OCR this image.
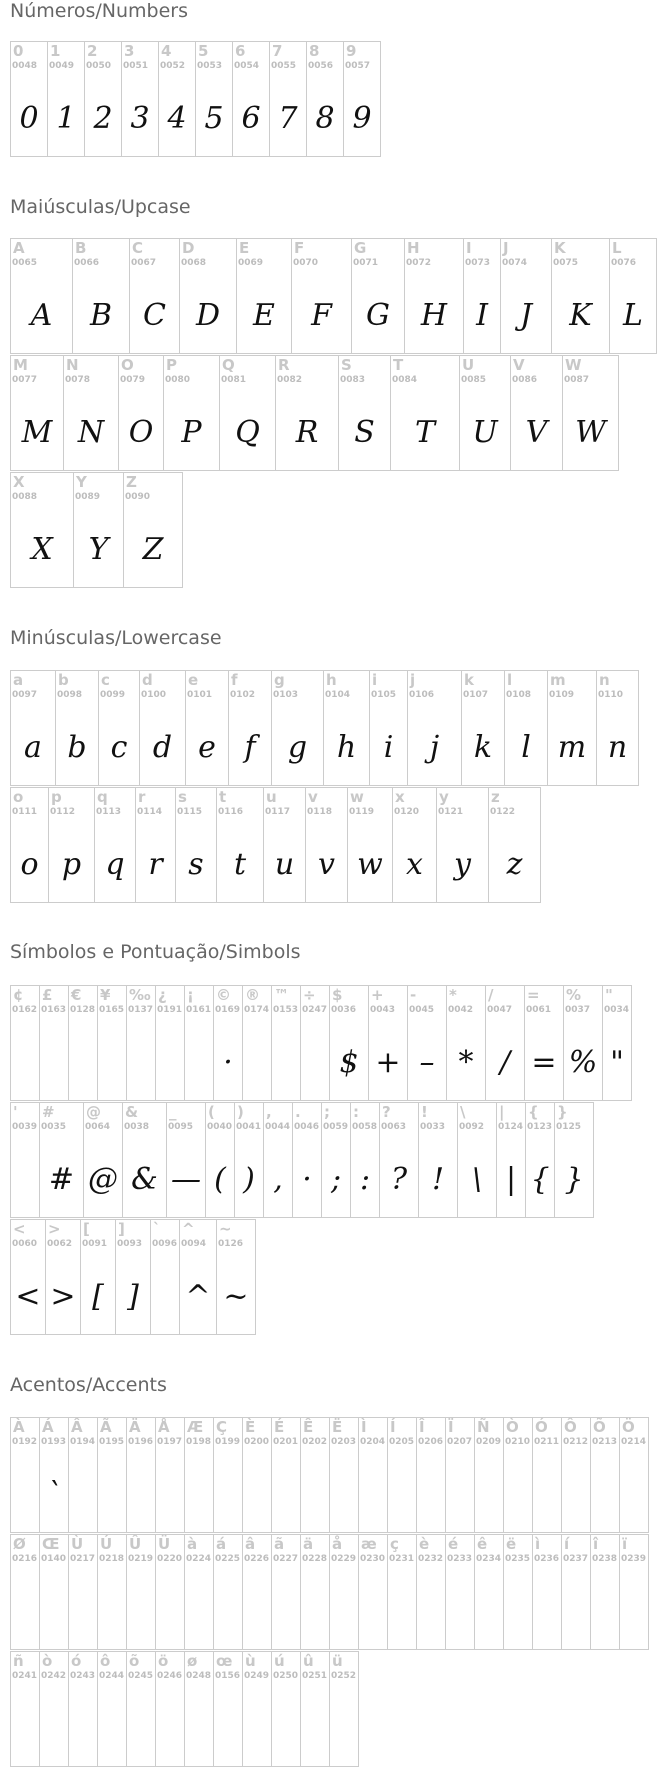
Números/Numbers
0
0048
0
1
0049
1
2
0050
2
3
0051
3
4
0052
4
5
0053
5
6
0054
6
7
0055
7
8
0056
8
9
0057
9
Maiúsculas/Upcase
A
0065
A
B
0066
B
C
0067
C
D
0068
D
E
0069
E
F
0070
F
G
0071
G
H
0072
H
I
0073
I
J
0074
J
K
0075
K
L
0076
L
M
0077
M
N
0078
N
O
0079
O
P
0080
P
Q
0081
Q
R
0082
R
S
0083
S
T
0084
T
U
0085
U
V
0086
V
W
0087
W
X
0088
X
Y
0089
Y
Z
0090
Z
Minúsculas/Lowercase
a
0097
a
b
0098
b
c
0099
c
d
0100
d
e
0101
e
f
0102
f
g
0103
g
h
0104
h
i
0105
i
j
0106
j
k
0107
k
l
0108
l
m
0109
m
n
0110
n
o
0111
o
p
0112
p
q
0113
q
r
0114
r
s
0115
s
t
0116
t
u
0117
u
v
0118
v
w
0119
w
x
0120
x
y
0121
y
z
0122
z
Símbolos e Pontuação/Simbols
¢
0162
£
0163
€
0128
¥
0165
‰
0137
¿
0191
¡
0161
©
0169
·
®
0174
™
0153
÷
0247
$
0036
$
+
0043
+
-
0045
–
*
0042
*
/
0047
/
=
0061
=
%
0037
%
"
0034
"
'
0039
#
0035
#
@
0064
@
&
0038
&
_
0095
—
(
0040
(
)
0041
)
,
0044
,
.
0046
·
;
0059
;
:
0058
:
?
0063
?
!
0033
!
\
0092
\
|
0124
|
{
0123
{
}
0125
}
<
0060
<
>
0062
>
[
0091
[
]
0093
]
`
0096
^
0094
^
~
0126
~
Acentos/Accents
À
0192
Á
0193
`
Â
0194
Ã
0195
Ä
0196
Å
0197
Æ
0198
Ç
0199
È
0200
É
0201
Ê
0202
Ë
0203
Ì
0204
Í
0205
Î
0206
Ï
0207
Ñ
0209
Ò
0210
Ó
0211
Ô
0212
Õ
0213
Ö
0214
Ø
0216
Œ
0140
Ù
0217
Ú
0218
Û
0219
Ü
0220
à
0224
á
0225
â
0226
ã
0227
ä
0228
å
0229
æ
0230
ç
0231
è
0232
é
0233
ê
0234
ë
0235
ì
0236
í
0237
î
0238
ï
0239
ñ
0241
ò
0242
ó
0243
ô
0244
õ
0245
ö
0246
ø
0248
œ
0156
ù
0249
ú
0250
û
0251
ü
0252
